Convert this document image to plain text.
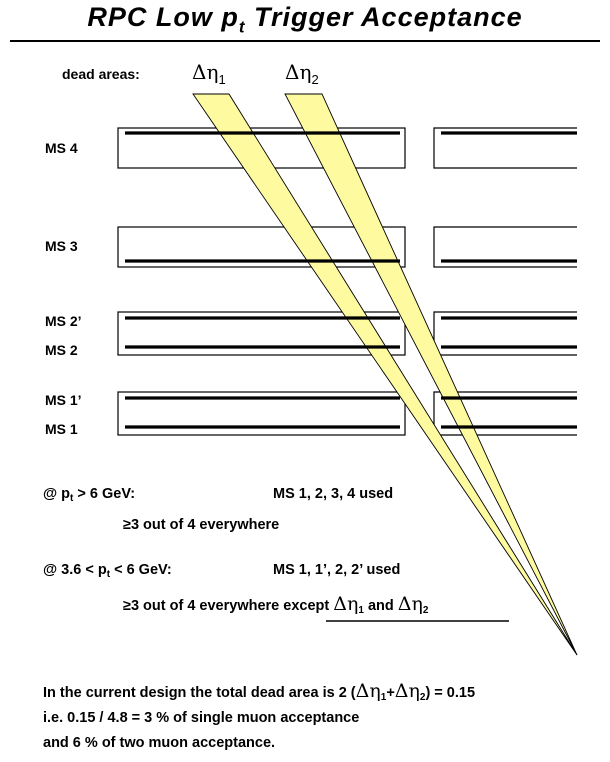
RPC Low $p_t$ Trigger Acceptance
dead areas:	$\Delta\eta_1$	$\Delta\eta_2$
MS 4
MS 3
MS 2’
MS 2
MS 1’
MS 1
@ $p_t > 6$ GeV:	MS 1, 2, 3, 4 used
≥3 out of 4 everywhere
@ $3.6 < p_t < 6$ GeV:	MS 1, 1’, 2, 2’ used
≥3 out of 4 everywhere except $\Delta\eta_1$ and $\Delta\eta_2$
In the current design the total dead area is 2 $(\Delta\eta_1+\Delta\eta_2) = 0.15$
i.e. 0.15 / 4.8 = 3 % of single muon acceptance
and 6 % of two muon acceptance.
